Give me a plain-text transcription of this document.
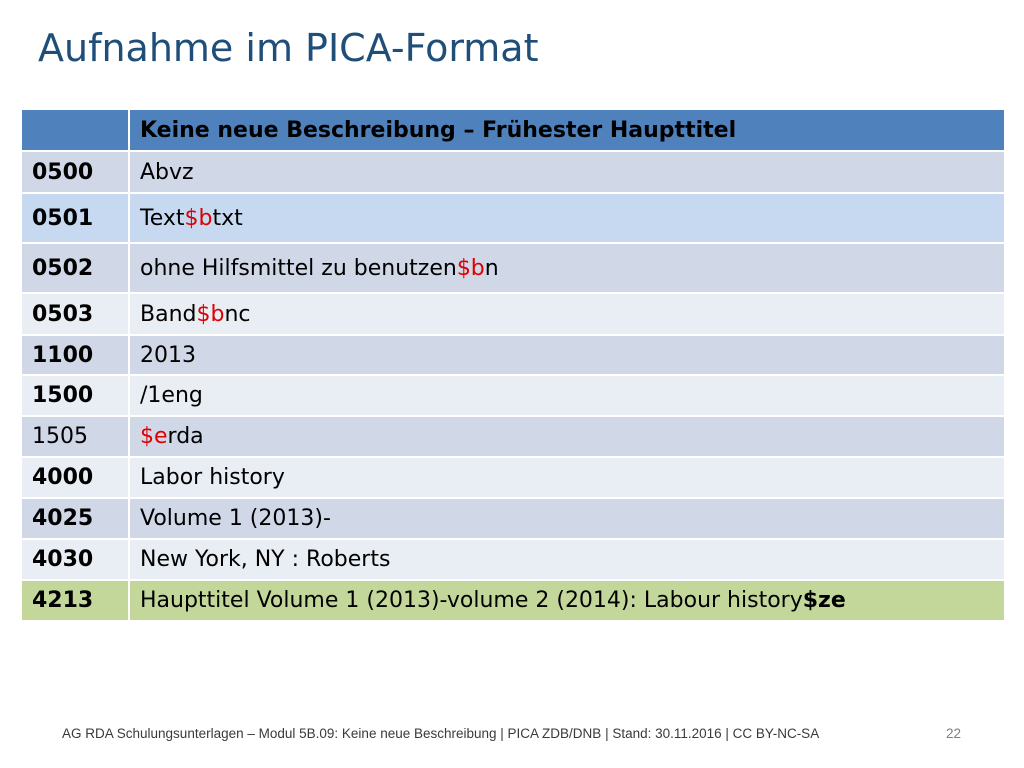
Aufnahme im PICA-Format
	Keine neue Beschreibung – Frühester Haupttitel
0500	Abvz
0501	Text$btxt
0502	ohne Hilfsmittel zu benutzen$bn
0503	Band$bnc
1100	2013
1500	/1eng
1505	$erda
4000	Labor history
4025	Volume 1 (2013)-
4030	New York, NY : Roberts
4213	Haupttitel Volume 1 (2013)-volume 2 (2014): Labour history$ze
AG RDA Schulungsunterlagen – Modul 5B.09: Keine neue Beschreibung | PICA ZDB/DNB | Stand: 30.11.2016 | CC BY-NC-SA	22
